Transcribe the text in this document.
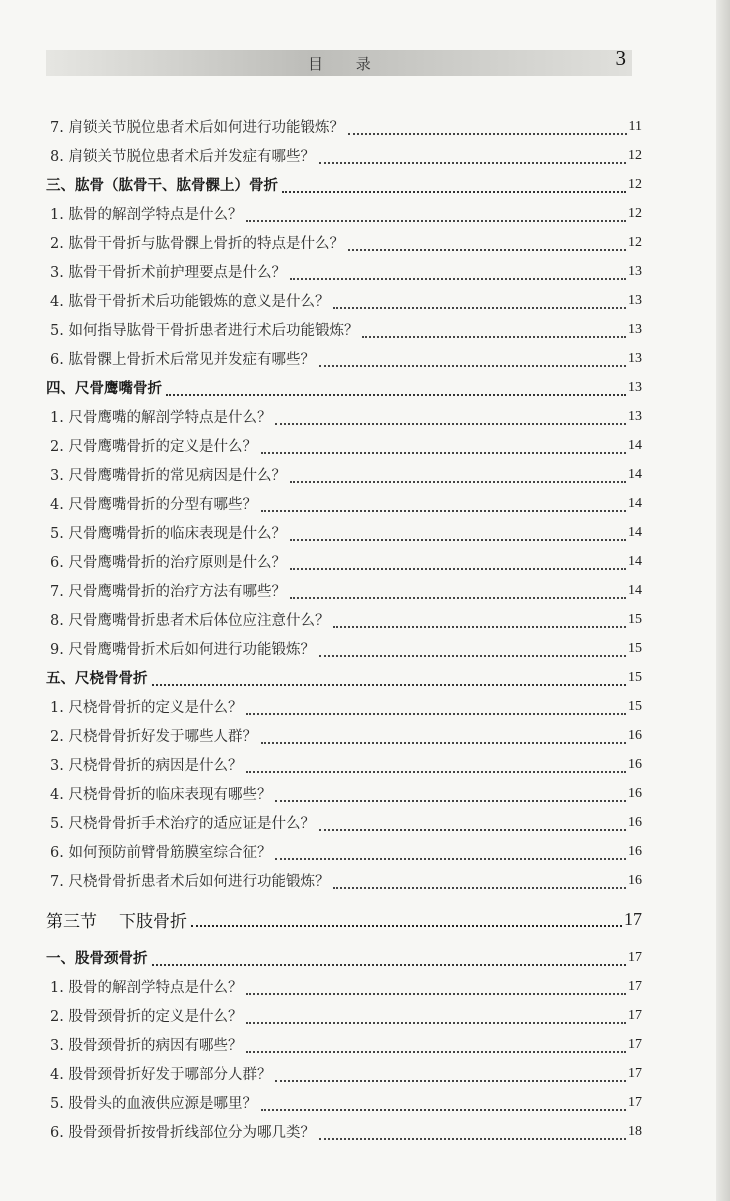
目 录	3
7. 肩锁关节脱位患者术后如何进行功能锻炼？	11
8. 肩锁关节脱位患者术后并发症有哪些？	12
三、肱骨（肱骨干、肱骨髁上）骨折	12
1. 肱骨的解剖学特点是什么？	12
2. 肱骨干骨折与肱骨髁上骨折的特点是什么？	12
3. 肱骨干骨折术前护理要点是什么？	13
4. 肱骨干骨折术后功能锻炼的意义是什么？	13
5. 如何指导肱骨干骨折患者进行术后功能锻炼？	13
6. 肱骨髁上骨折术后常见并发症有哪些？	13
四、尺骨鹰嘴骨折	13
1. 尺骨鹰嘴的解剖学特点是什么？	13
2. 尺骨鹰嘴骨折的定义是什么？	14
3. 尺骨鹰嘴骨折的常见病因是什么？	14
4. 尺骨鹰嘴骨折的分型有哪些？	14
5. 尺骨鹰嘴骨折的临床表现是什么？	14
6. 尺骨鹰嘴骨折的治疗原则是什么？	14
7. 尺骨鹰嘴骨折的治疗方法有哪些？	14
8. 尺骨鹰嘴骨折患者术后体位应注意什么？	15
9. 尺骨鹰嘴骨折术后如何进行功能锻炼？	15
五、尺桡骨骨折	15
1. 尺桡骨骨折的定义是什么？	15
2. 尺桡骨骨折好发于哪些人群？	16
3. 尺桡骨骨折的病因是什么？	16
4. 尺桡骨骨折的临床表现有哪些？	16
5. 尺桡骨骨折手术治疗的适应证是什么？	16
6. 如何预防前臂骨筋膜室综合征？	16
7. 尺桡骨骨折患者术后如何进行功能锻炼？	16
第三节 下肢骨折	17
一、股骨颈骨折	17
1. 股骨的解剖学特点是什么？	17
2. 股骨颈骨折的定义是什么？	17
3. 股骨颈骨折的病因有哪些？	17
4. 股骨颈骨折好发于哪部分人群？	17
5. 股骨头的血液供应源是哪里？	17
6. 股骨颈骨折按骨折线部位分为哪几类？	18
